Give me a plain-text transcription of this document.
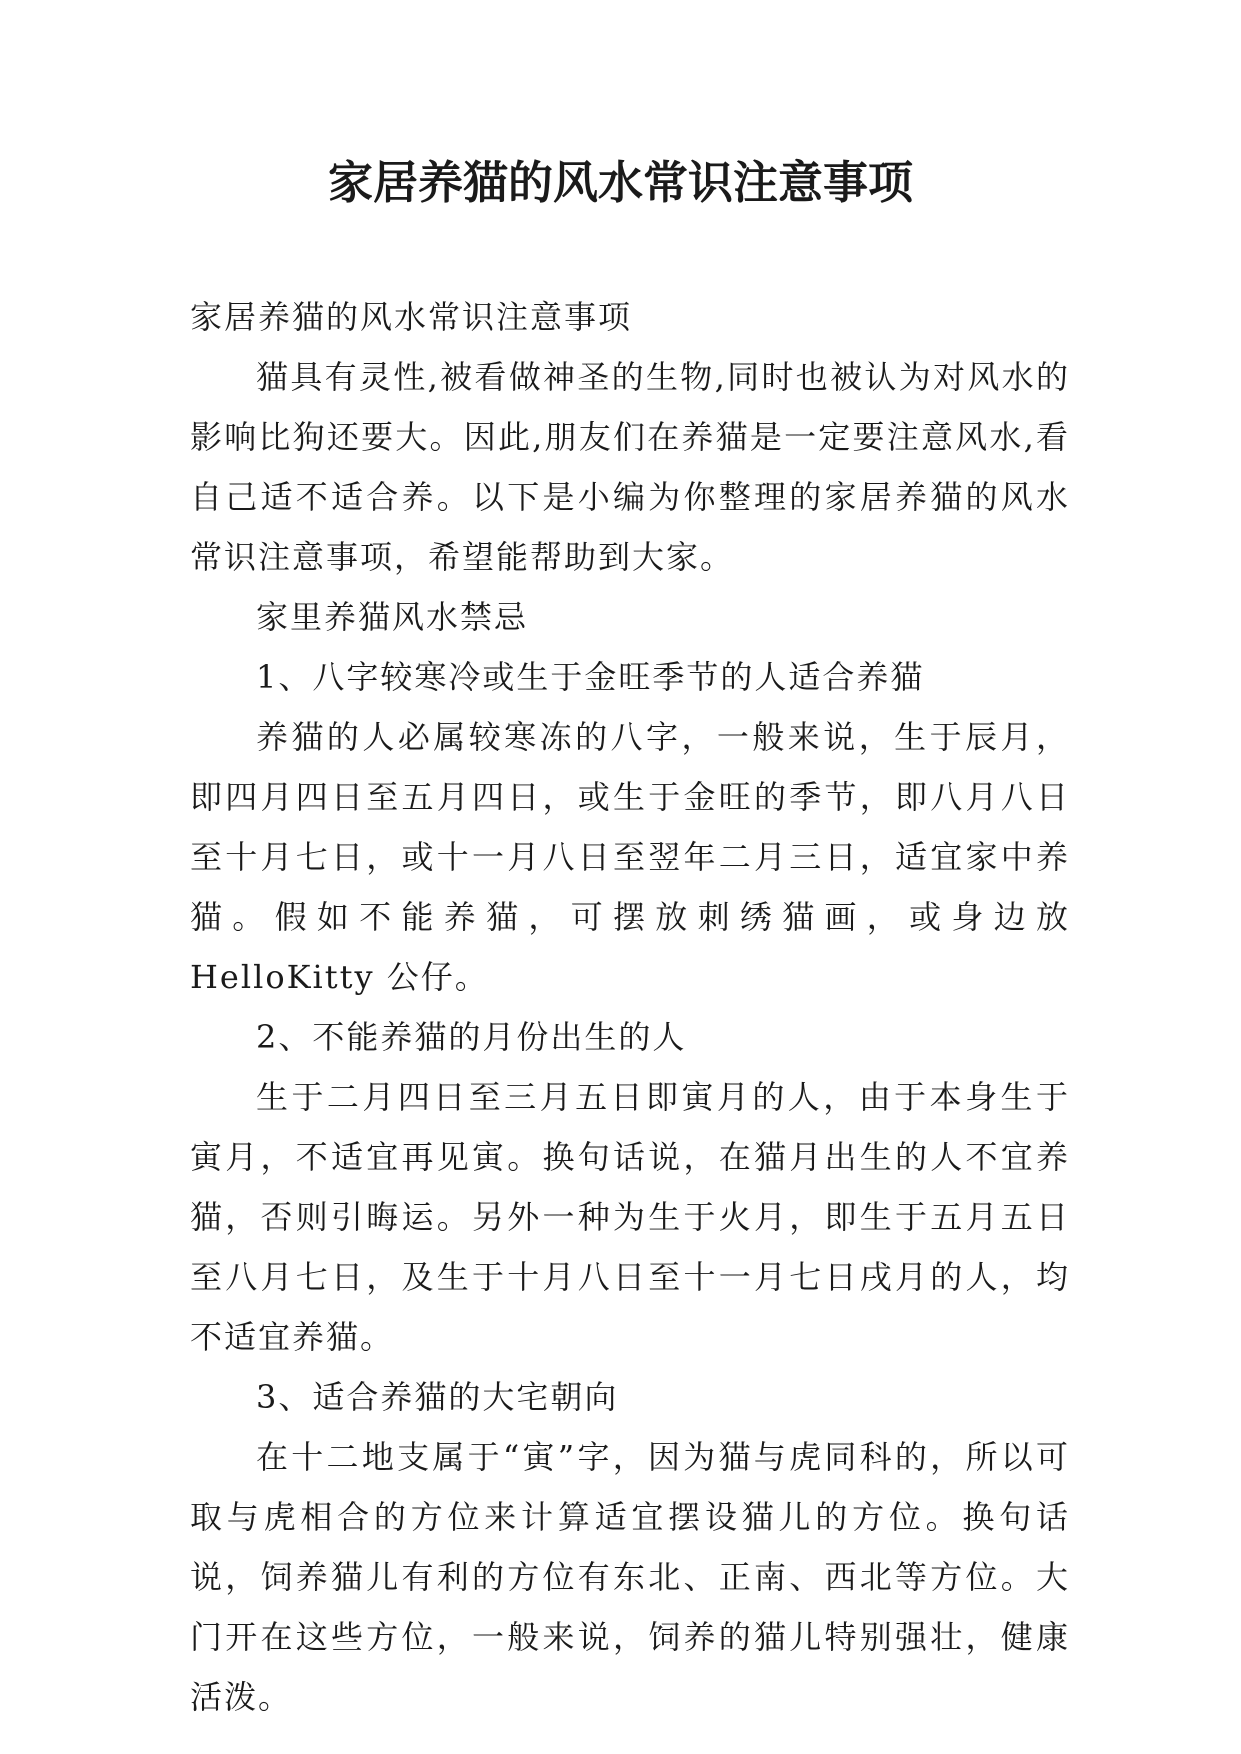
家居养猫的风水常识注意事项

家居养猫的风水常识注意事项

猫具有灵性,被看做神圣的生物,同时也被认为对风水的影响比狗还要大。因此,朋友们在养猫是一定要注意风水,看自己适不适合养。以下是小编为你整理的家居养猫的风水常识注意事项，希望能帮助到大家。

家里养猫风水禁忌

1、八字较寒冷或生于金旺季节的人适合养猫

养猫的人必属较寒冻的八字，一般来说，生于辰月，即四月四日至五月四日，或生于金旺的季节，即八月八日至十月七日，或十一月八日至翌年二月三日，适宜家中养猫。假如不能养猫，可摆放刺绣猫画，或身边放 HelloKitty 公仔。

2、不能养猫的月份出生的人

生于二月四日至三月五日即寅月的人，由于本身生于寅月，不适宜再见寅。换句话说，在猫月出生的人不宜养猫，否则引晦运。另外一种为生于火月，即生于五月五日至八月七日，及生于十月八日至十一月七日戌月的人，均不适宜养猫。

3、适合养猫的大宅朝向

在十二地支属于“寅”字，因为猫与虎同科的，所以可取与虎相合的方位来计算适宜摆设猫儿的方位。换句话说，饲养猫儿有利的方位有东北、正南、西北等方位。大门开在这些方位，一般来说，饲养的猫儿特别强壮，健康活泼。
